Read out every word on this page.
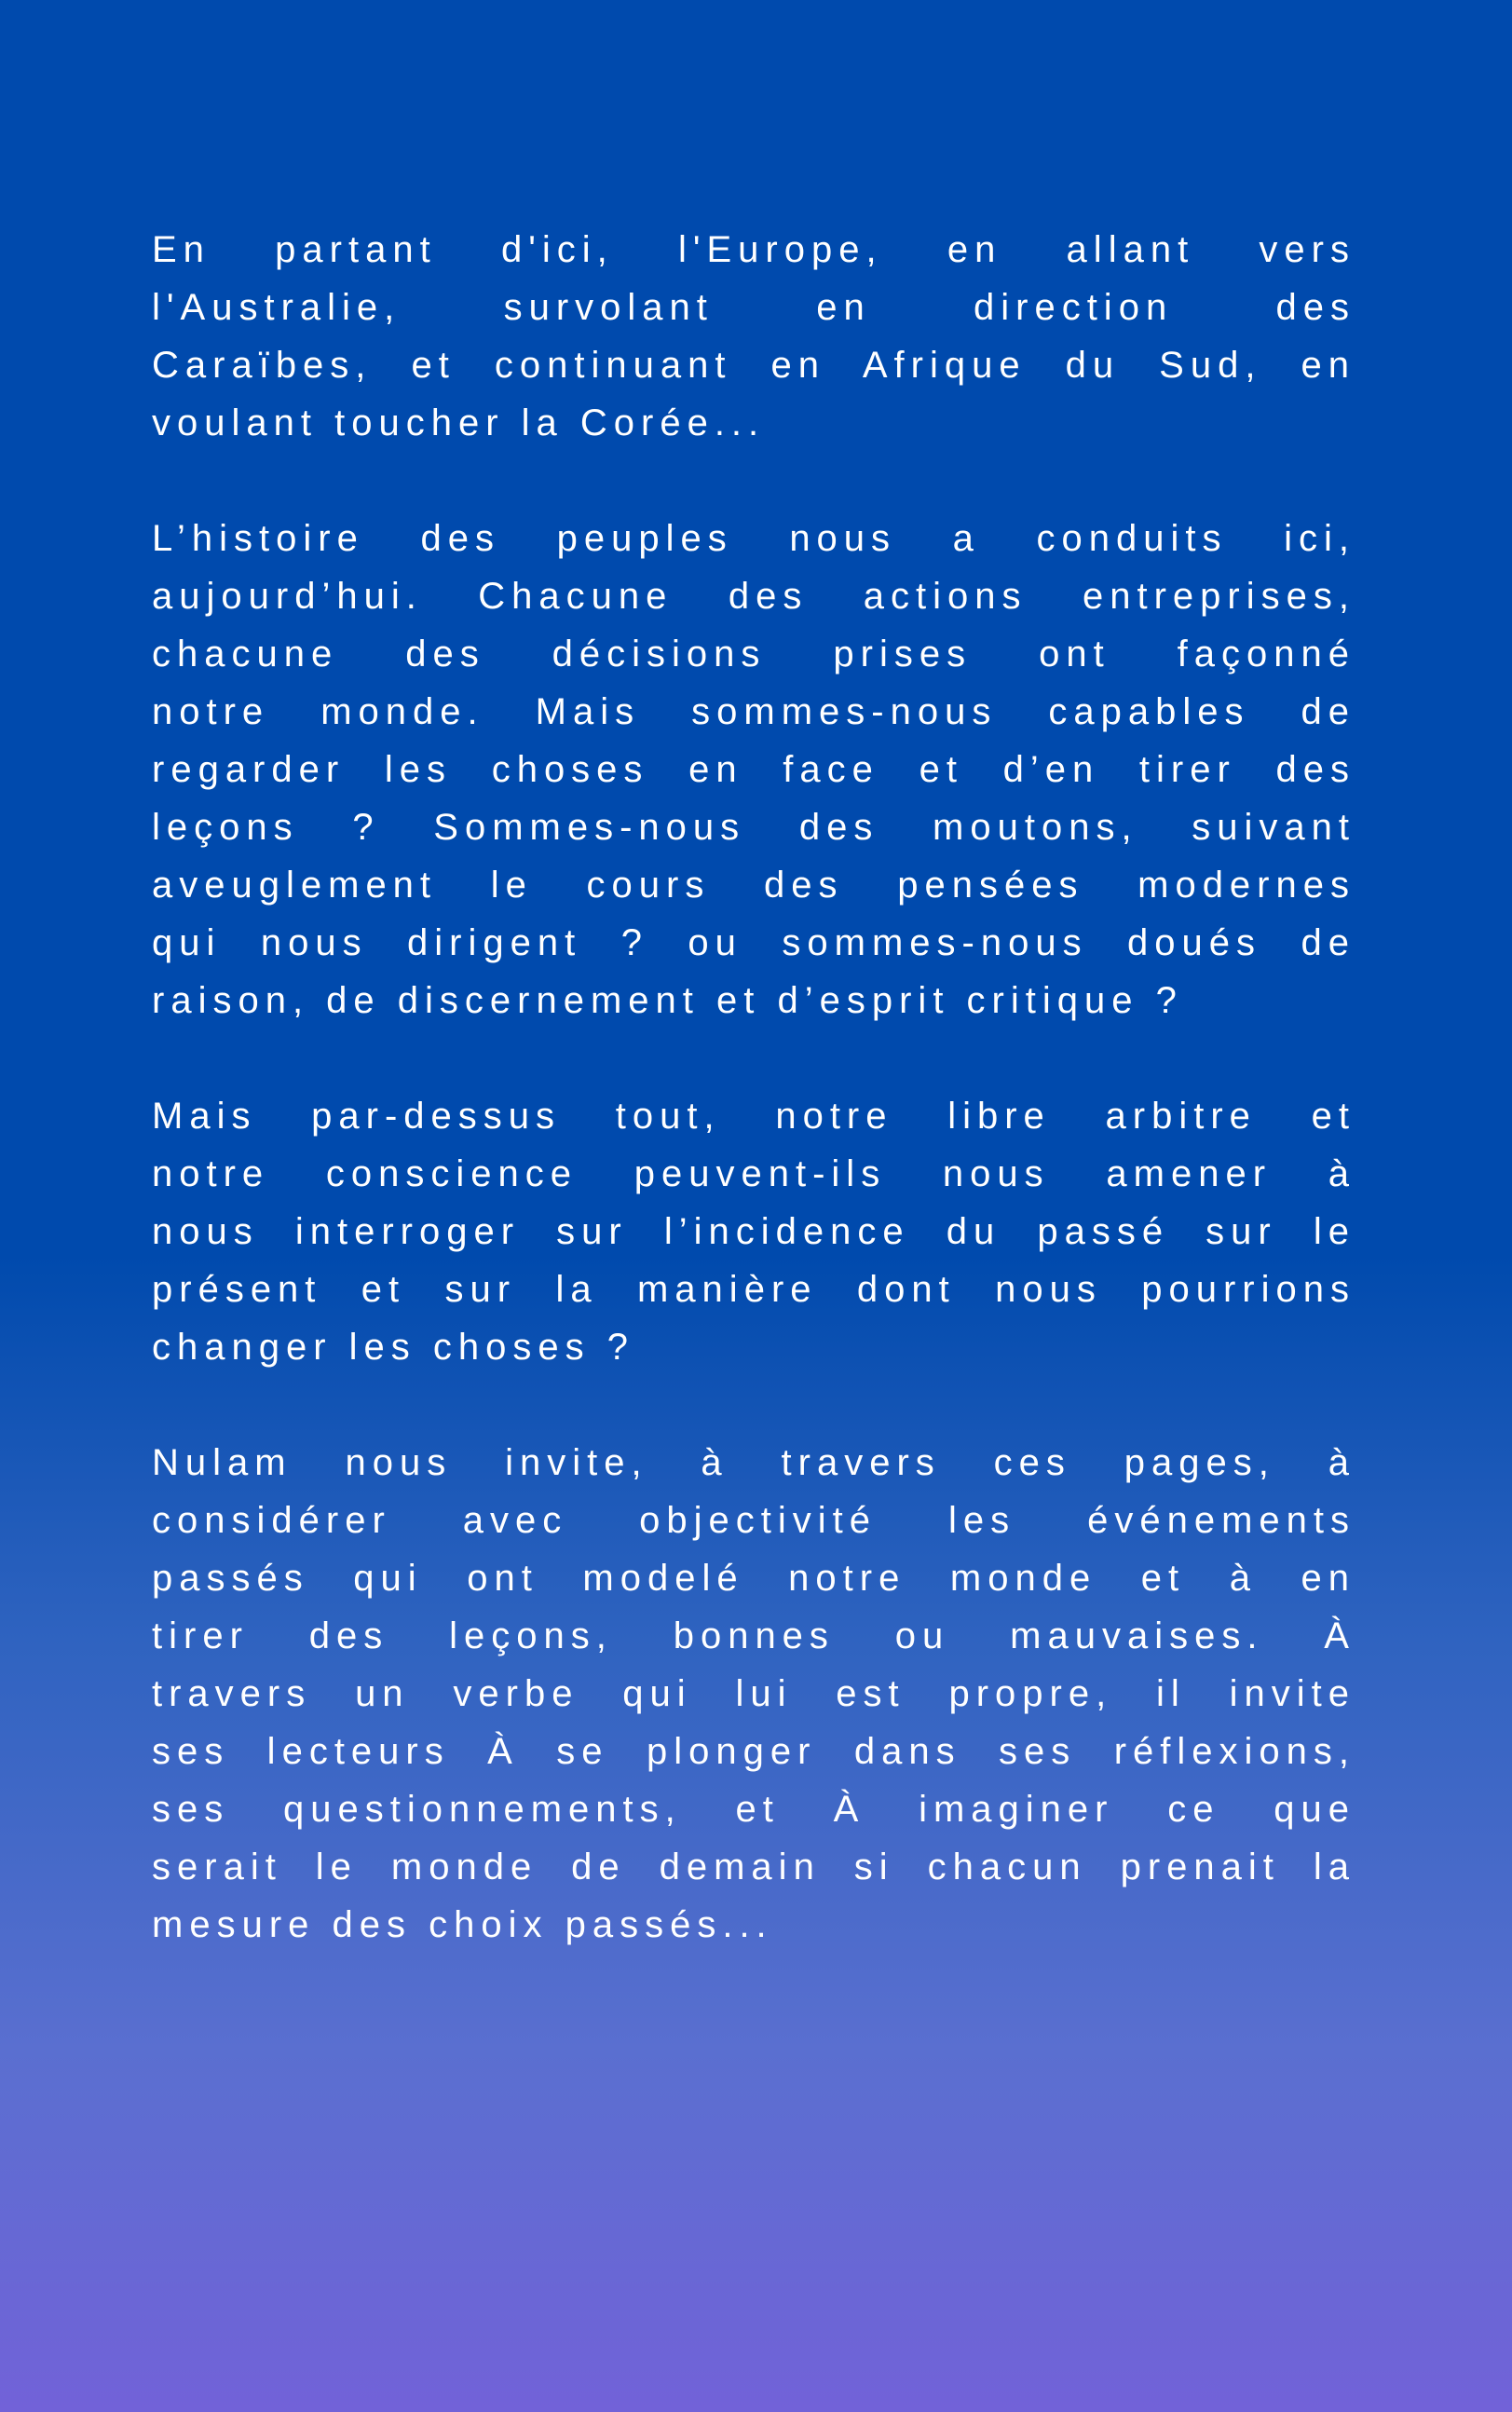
En partant d'ici, l'Europe, en allant vers
l'Australie, survolant en direction des
Caraïbes, et continuant en Afrique du Sud, en
voulant toucher la Corée...
L’histoire des peuples nous a conduits ici,
aujourd’hui. Chacune des actions entreprises,
chacune des décisions prises ont façonné
notre monde. Mais sommes-nous capables de
regarder les choses en face et d’en tirer des
leçons ? Sommes-nous des moutons, suivant
aveuglement le cours des pensées modernes
qui nous dirigent ? ou sommes-nous doués de
raison, de discernement et d’esprit critique ?
Mais par-dessus tout, notre libre arbitre et
notre conscience peuvent-ils nous amener à
nous interroger sur l’incidence du passé sur le
présent et sur la manière dont nous pourrions
changer les choses ?
Nulam nous invite, à travers ces pages, à
considérer avec objectivité les événements
passés qui ont modelé notre monde et à en
tirer des leçons, bonnes ou mauvaises. À
travers un verbe qui lui est propre, il invite
ses lecteurs À se plonger dans ses réflexions,
ses questionnements, et À imaginer ce que
serait le monde de demain si chacun prenait la
mesure des choix passés...
